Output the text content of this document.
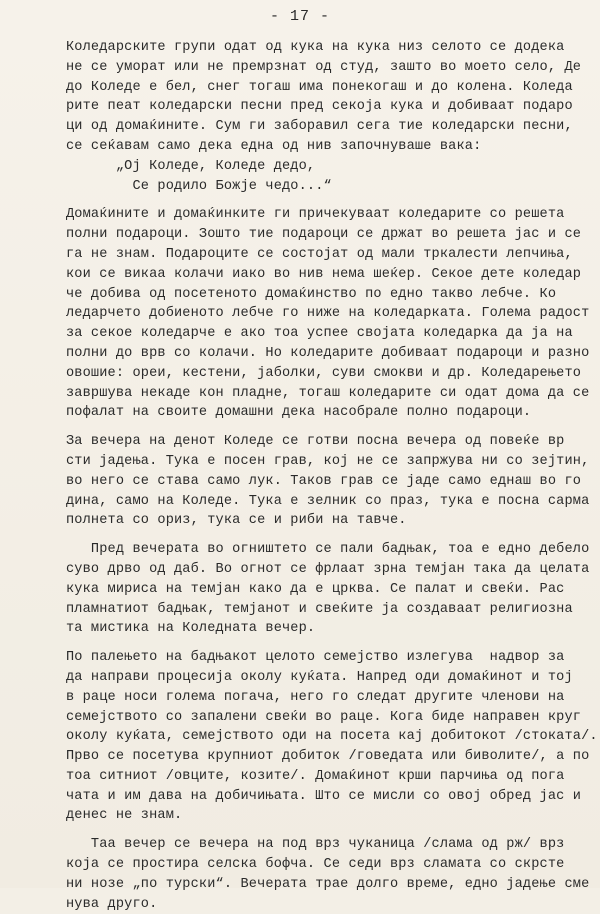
- 17 -
Коледарските групи одат од кука на кука низ селото се додека
не се уморат или не премрзнат од студ, зашто во моето село, Де
до Коледе е бел, снег тогаш има понекогаш и до колена. Коледа
рите пеат коледарски песни пред секоја кука и добиваат подаро
ци од домаќините. Сум ги заборавил сега тие коледарски песни,
се сеќавам само дека една од нив започнуваше вака:
„Ој Коледе, Коледе дедо,
Се родило Божје чедо...“
Домаќините и домаќинките ги причекуваат коледарите со решета
полни подароци. Зошто тие подароци се држат во решета јас и се
га не знам. Подароците се состојат од мали тркалести лепчиња,
кои се викаа колачи иако во нив нема шеќер. Секое дете коледар
че добива од посетеното домаќинство по едно такво лебче. Ко
ледарчето добиеното лебче го ниже на коледарката. Голема радост
за секое коледарче е ако тоа успее својата коледарка да ја на
полни до врв со колачи. Но коледарите добиваат подароци и разно
овошие: ореи, кестени, јаболки, суви смокви и др. Коледарењето
завршува некаде кон пладне, тогаш коледарите си одат дома да се
пофалат на своите домашни дека насобрале полно подароци.
За вечера на денот Коледе се готви посна вечера од повеќе вр
сти јадења. Тука е посен грав, кој не се запржува ни со зејтин,
во него се става само лук. Таков грав се јаде само еднаш во го
дина, само на Коледе. Тука е зелник со праз, тука е посна сарма
полнета со ориз, тука се и риби на тавче.
Пред вечерата во огништето се пали бадњак, тоа е едно дебело
суво дрво од даб. Во огнот се фрлаат зрна темјан така да целата
кука мириса на темјан како да е црква. Се палат и свеќи. Рас
пламнатиот бадњак, темјанот и свеќите ја создаваат религиозна
та мистика на Коледната вечер.
По палењето на бадњакот целото семејство излегува  надвор за
да направи процесија околу куќата. Напред оди домаќинот и тој
в раце носи голема погача, него го следат другите членови на
семејството со запалени свеќи во раце. Кога биде направен круг
околу куќата, семејството оди на посета кај добитокот /стоката/.
Прво се посетува крупниот добиток /говедата или биволите/, а по
тоа ситниот /овците, козите/. Домаќинот крши парчиња од пога
чата и им дава на добичињата. Што се мисли со овој обред јас и
денес не знам.
Таа вечер се вечера на под врз чуканица /слама од рж/ врз
која се простира селска бофча. Се седи врз сламата со скрсте
ни нозе „по турски“. Вечерата трае долго време, едно јадење сме
нува друго.
